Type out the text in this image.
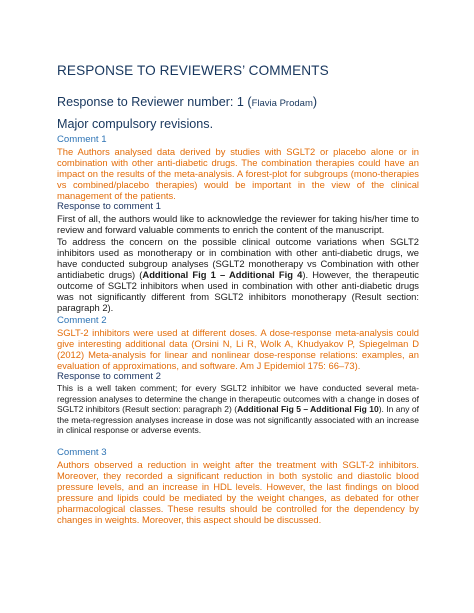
RESPONSE TO REVIEWERS’ COMMENTS
Response to Reviewer number: 1 (Flavia Prodam)
Major compulsory revisions.
Comment 1
The Authors analysed data derived by studies with SGLT2 or placebo alone or in combination with other anti-diabetic drugs. The combination therapies could have an impact on the results of the meta-analysis. A forest-plot for subgroups (mono-therapies vs combined/placebo therapies) would be important in the view of the clinical management of the patients.
Response to comment 1
First of all, the authors would like to acknowledge the reviewer for taking his/her time to review and forward valuable comments to enrich the content of the manuscript.
To address the concern on the possible clinical outcome variations when SGLT2 inhibitors used as monotherapy or in combination with other anti-diabetic drugs, we have conducted subgroup analyses (SGLT2 monotherapy vs Combination with other antidiabetic drugs) (Additional Fig 1 – Additional Fig 4). However, the therapeutic outcome of SGLT2 inhibitors when used in combination with other anti-diabetic drugs was not significantly different from SGLT2 inhibitors monotherapy (Result section: paragraph 2).
Comment 2
SGLT-2 inhibitors were used at different doses. A dose-response meta-analysis could give interesting additional data (Orsini N, Li R, Wolk A, Khudyakov P, Spiegelman D (2012) Meta-analysis for linear and nonlinear dose-response relations: examples, an evaluation of approximations, and software. Am J Epidemiol 175: 66–73).
Response to comment 2
This is a well taken comment; for every SGLT2 inhibitor we have conducted several meta-regression analyses to determine the change in therapeutic outcomes with a change in doses of SGLT2 inhibitors (Result section: paragraph 2) (Additional Fig 5 – Additional Fig 10). In any of the meta-regression analyses increase in dose was not significantly associated with an increase in clinical response or adverse events.
Comment 3
Authors observed a reduction in weight after the treatment with SGLT-2 inhibitors. Moreover, they recorded a significant reduction in both systolic and diastolic blood pressure levels, and an increase in HDL levels. However, the last findings on blood pressure and lipids could be mediated by the weight changes, as debated for other pharmacological classes. These results should be controlled for the dependency by changes in weights. Moreover, this aspect should be discussed.
